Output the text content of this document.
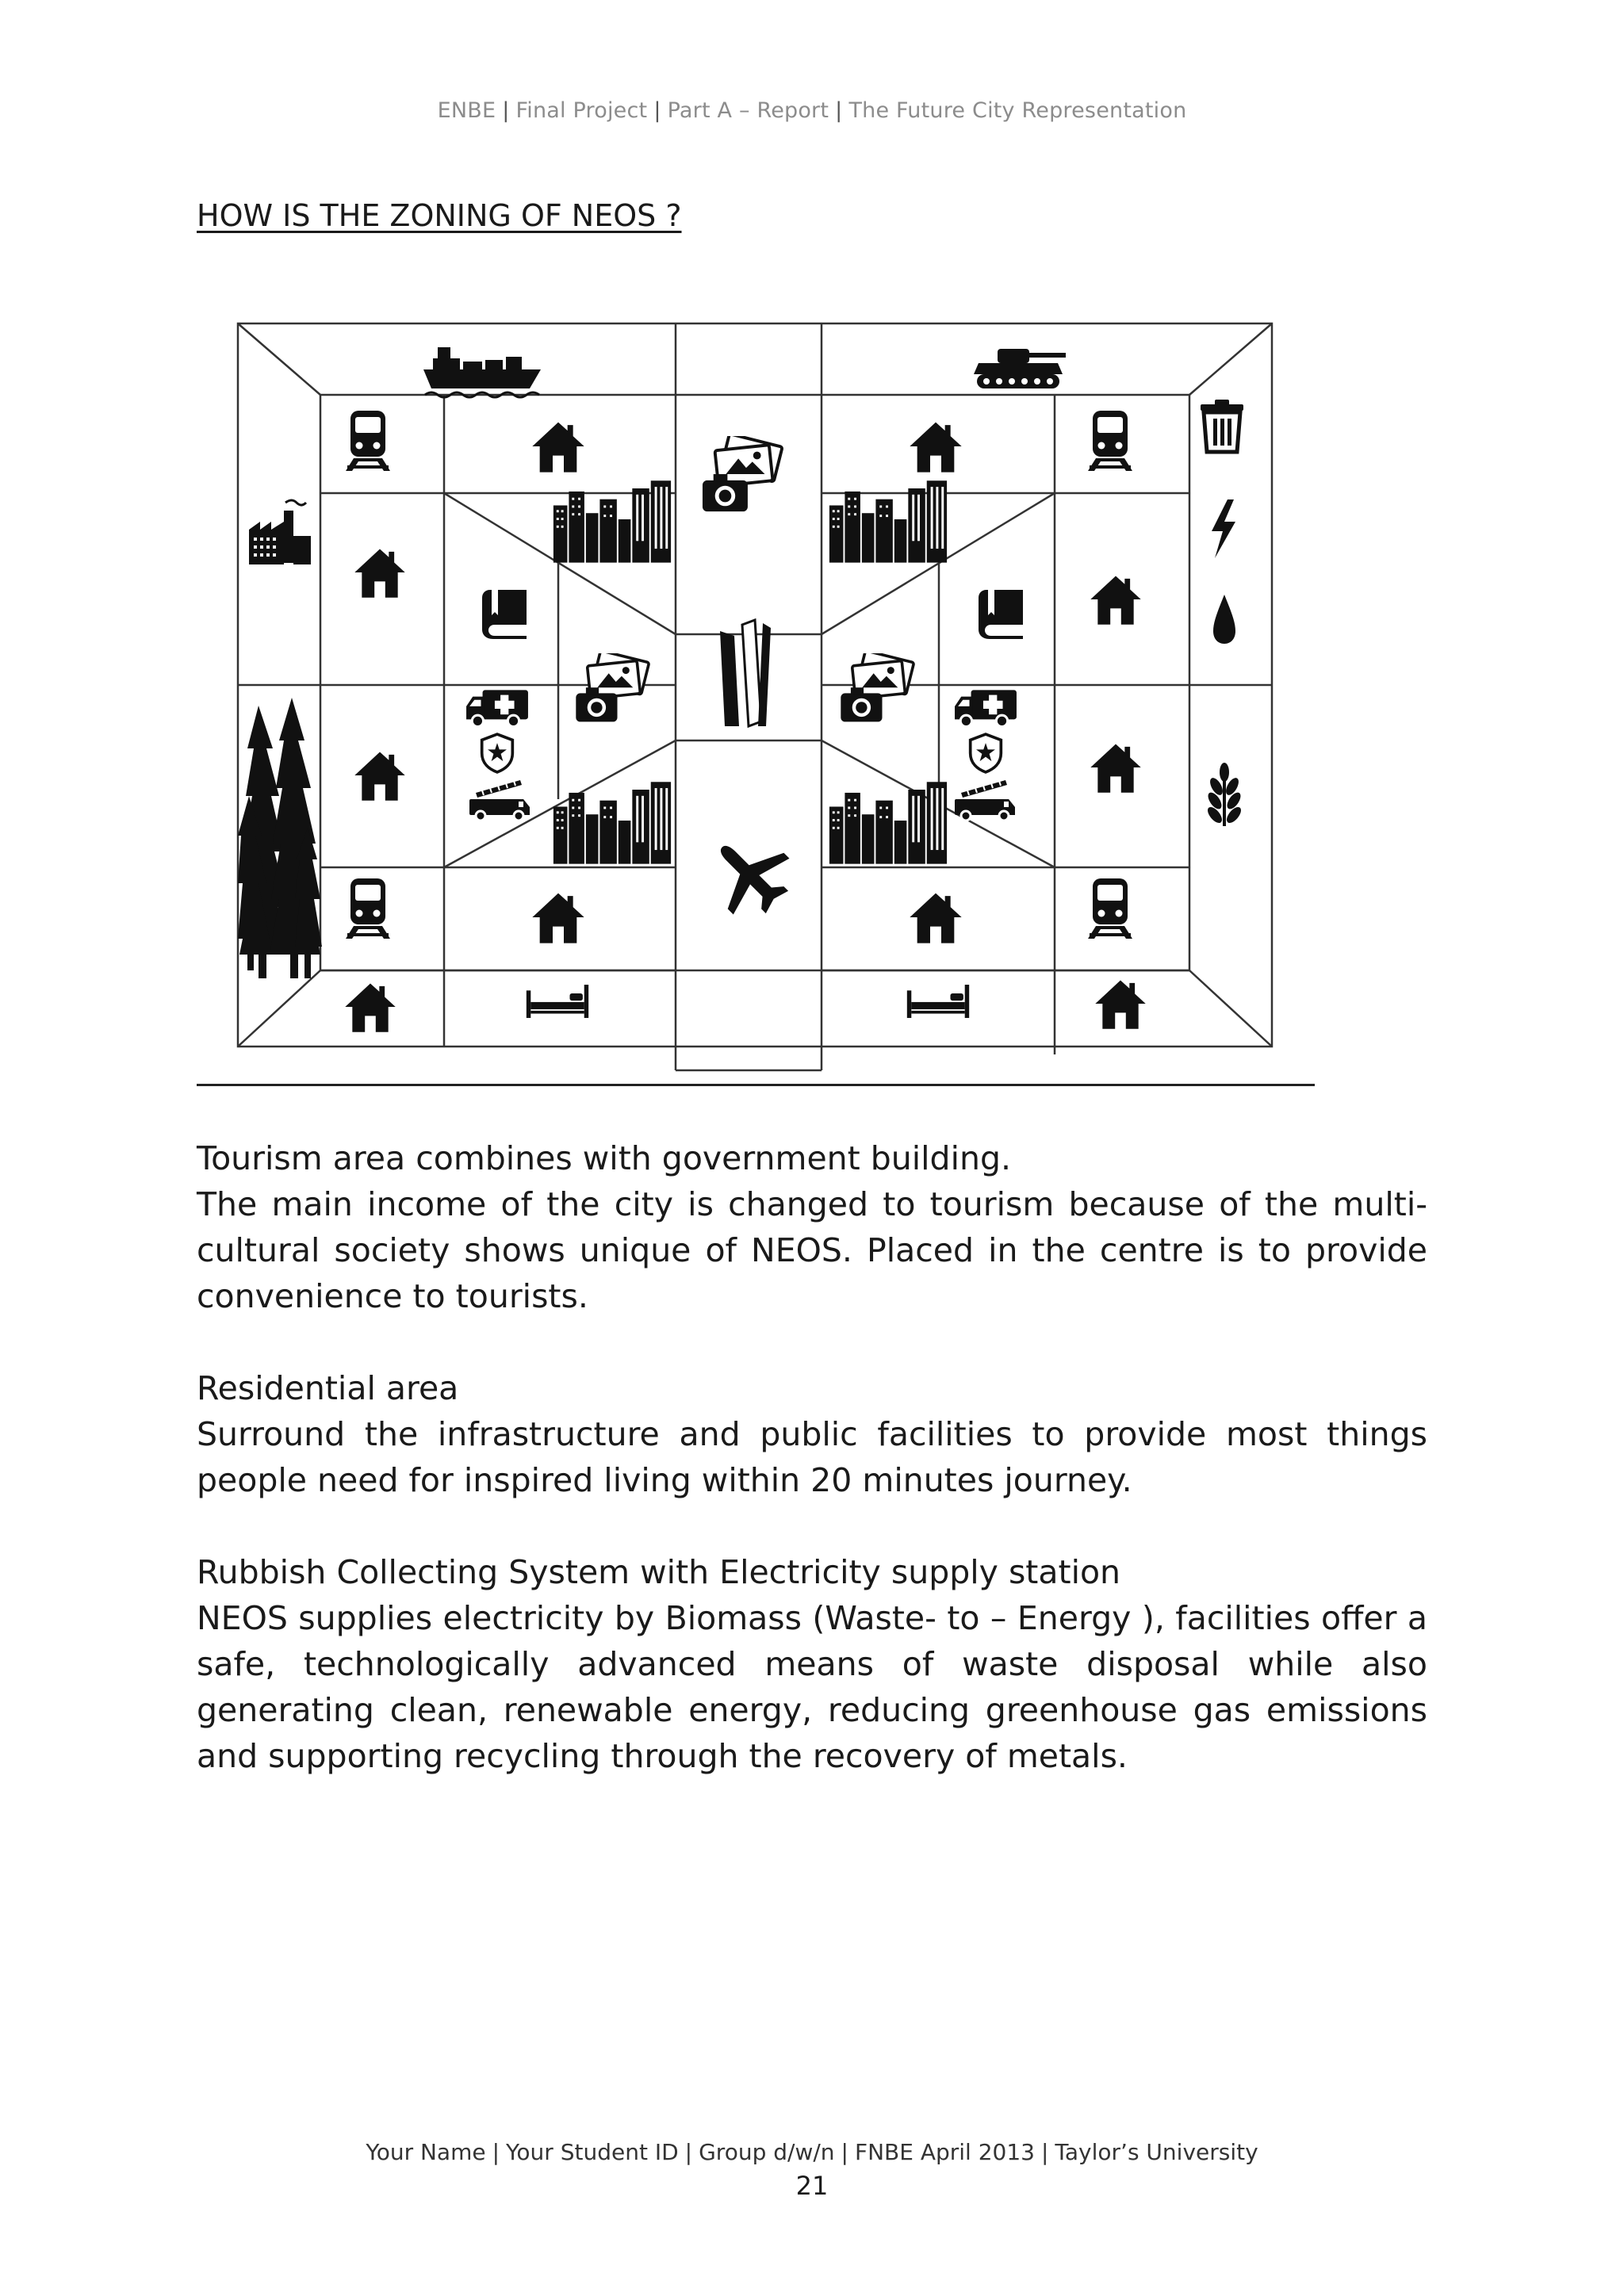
ENBE | Final Project | Part A – Report | The Future City Representation
HOW IS THE ZONING OF NEOS ?

Tourism area combines with government building.

The main income of the city is changed to tourism because of the multi-cultural society shows unique of NEOS. Placed in the centre is to provide convenience to tourists.

Residential area

Surround the infrastructure and public facilities to provide most things people need for inspired living within 20 minutes journey.

Rubbish Collecting System with Electricity supply station

NEOS supplies electricity by Biomass (Waste- to – Energy ), facilities offer a safe, technologically advanced means of waste disposal while also generating clean, renewable energy, reducing greenhouse gas emissions and supporting recycling through the recovery of metals.

Your Name | Your Student ID | Group d/w/n | FNBE April 2013 | Taylor’s University
21
